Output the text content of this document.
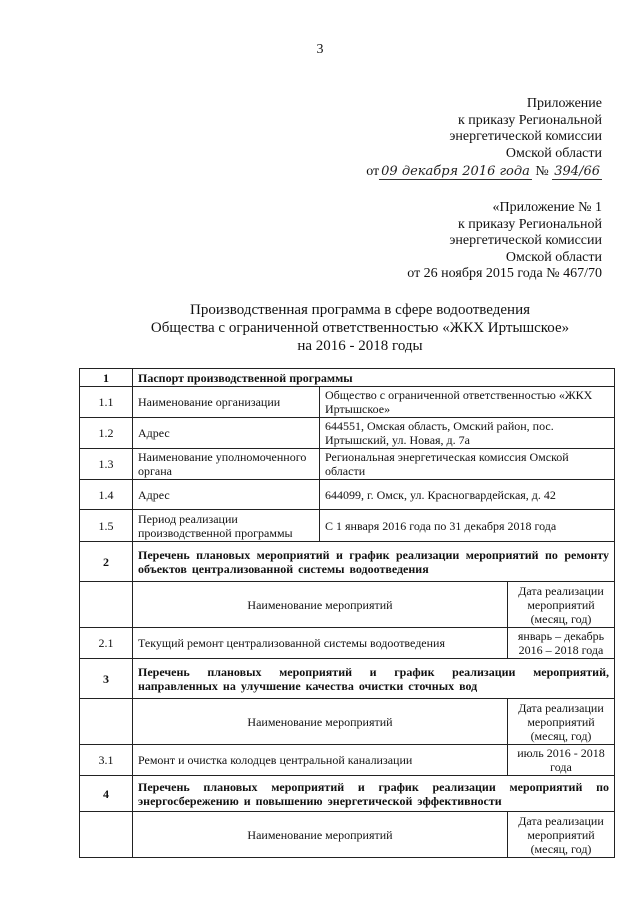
3
Приложение
к приказу Региональной
энергетической комиссии
Омской области
от 09 декабря 2016 года № 394/66
«Приложение № 1
к приказу Региональной
энергетической комиссии
Омской области
от 26 ноября 2015 года № 467/70
Производственная программа в сфере водоотведения
Общества с ограниченной ответственностью «ЖКХ Иртышское»
на 2016 - 2018 годы
1	Паспорт производственной программы		
1.1	Наименование организации	Общество с ограниченной ответственностью «ЖКХ Иртышское»	
1.2	Адрес	644551, Омская область, Омский район, пос. Иртышский, ул. Новая, д. 7а	
1.3	Наименование уполномоченного органа	Региональная энергетическая комиссия Омской области	
1.4	Адрес	644099, г. Омск, ул. Красногвардейская, д. 42	
1.5	Период реализации производственной программы	С 1 января 2016 года по 31 декабря 2018 года	
2	Перечень плановых мероприятий и график реализации мероприятий по ремонту объектов централизованной системы водоотведения		
	Наименование мероприятий		Дата реализации мероприятий (месяц, год)
2.1	Текущий ремонт централизованной системы водоотведения		январь – декабрь 2016 – 2018 года
3	Перечень плановых мероприятий и график реализации мероприятий, направленных на улучшение качества очистки сточных вод		
	Наименование мероприятий		Дата реализации мероприятий (месяц, год)
3.1	Ремонт и очистка колодцев центральной канализации		июль 2016 - 2018 года
4	Перечень плановых мероприятий и график реализации мероприятий по энергосбережению и повышению энергетической эффективности		
	Наименование мероприятий		Дата реализации мероприятий (месяц, год)
